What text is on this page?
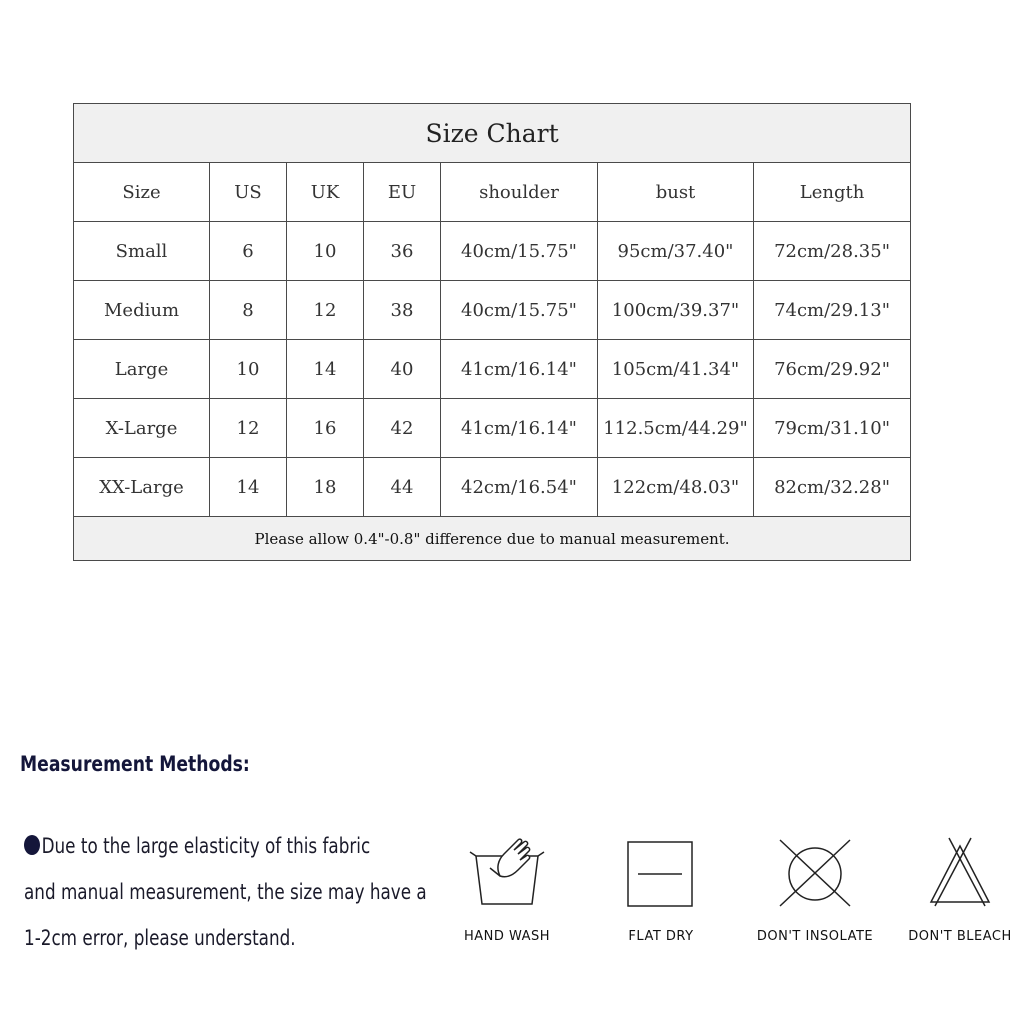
Size Chart						
Size	US	UK	EU	shoulder	bust	Length
Small	6	10	36	40cm/15.75"	95cm/37.40"	72cm/28.35"
Medium	8	12	38	40cm/15.75"	100cm/39.37"	74cm/29.13"
Large	10	14	40	41cm/16.14"	105cm/41.34"	76cm/29.92"
X-Large	12	16	42	41cm/16.14"	112.5cm/44.29"	79cm/31.10"
XX-Large	14	18	44	42cm/16.54"	122cm/48.03"	82cm/32.28"
Please allow 0.4"-0.8" difference due to manual measurement.						
Measurement Methods:
Due to the large elasticity of this fabric
and manual measurement, the size may have a
1-2cm error, please understand.	HAND WASH	FLAT DRY	DON'T INSOLATE	DON'T BLEACH
